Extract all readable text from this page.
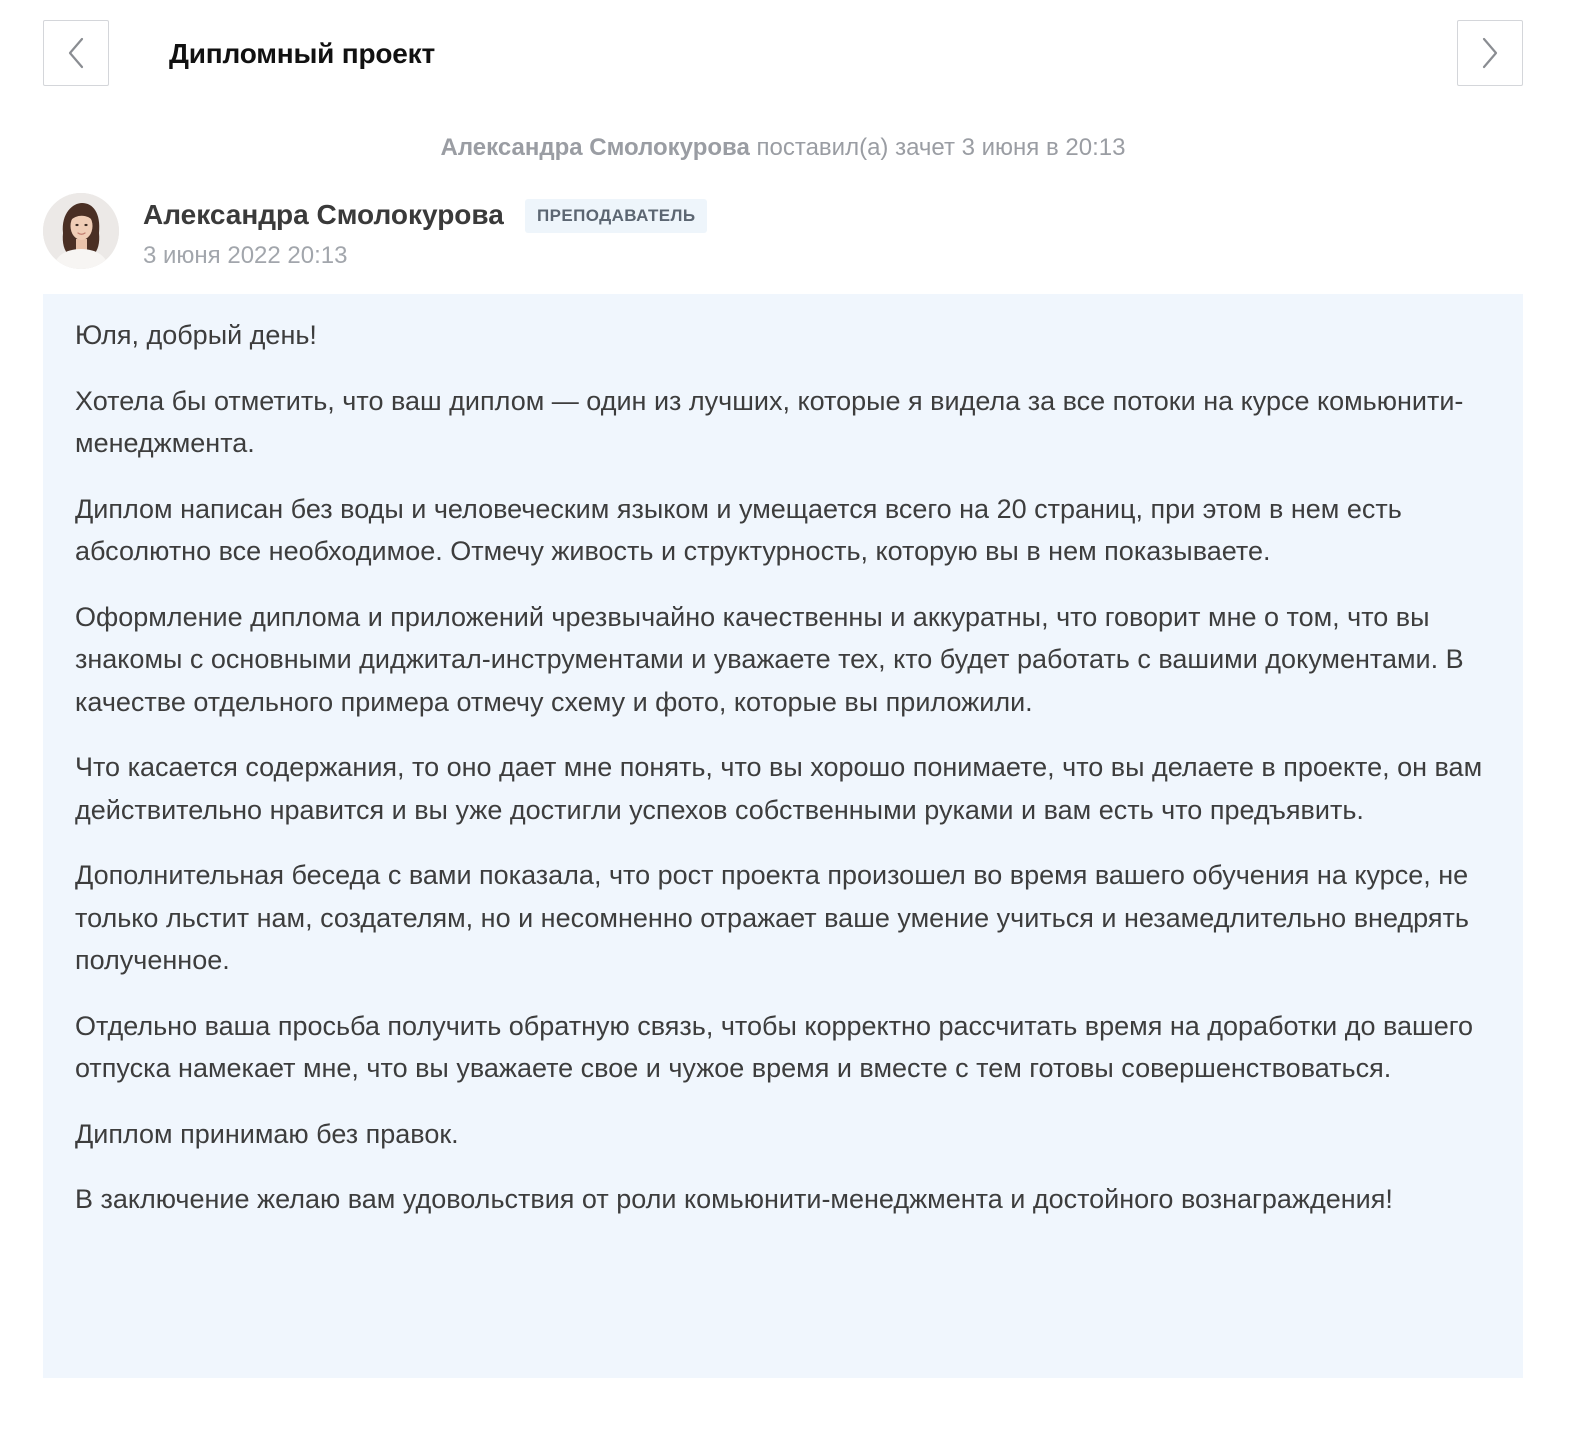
Дипломный проект
Александра Смолокурова поставил(а) зачет 3 июня в 20:13
Александра Смолокурова	ПРЕПОДАВАТЕЛЬ
3 июня 2022 20:13

Юля, добрый день!

Хотела бы отметить, что ваш диплом — один из лучших, которые я видела за все потоки на курсе комьюнити-менеджмента.

Диплом написан без воды и человеческим языком и умещается всего на 20 страниц, при этом в нем есть абсолютно все необходимое. Отмечу живость и структурность, которую вы в нем показываете.

Оформление диплома и приложений чрезвычайно качественны и аккуратны, что говорит мне о том, что вы знакомы с основными диджитал-инструментами и уважаете тех, кто будет работать с вашими документами. В качестве отдельного примера отмечу схему и фото, которые вы приложили.

Что касается содержания, то оно дает мне понять, что вы хорошо понимаете, что вы делаете в проекте, он вам действительно нравится и вы уже достигли успехов собственными руками и вам есть что предъявить.

Дополнительная беседа с вами показала, что рост проекта произошел во время вашего обучения на курсе, не только льстит нам, создателям, но и несомненно отражает ваше умение учиться и незамедлительно внедрять полученное.

Отдельно ваша просьба получить обратную связь, чтобы корректно рассчитать время на доработки до вашего отпуска намекает мне, что вы уважаете свое и чужое время и вместе с тем готовы совершенствоваться.

Диплом принимаю без правок.

В заключение желаю вам удовольствия от роли комьюнити-менеджмента и достойного вознаграждения!
